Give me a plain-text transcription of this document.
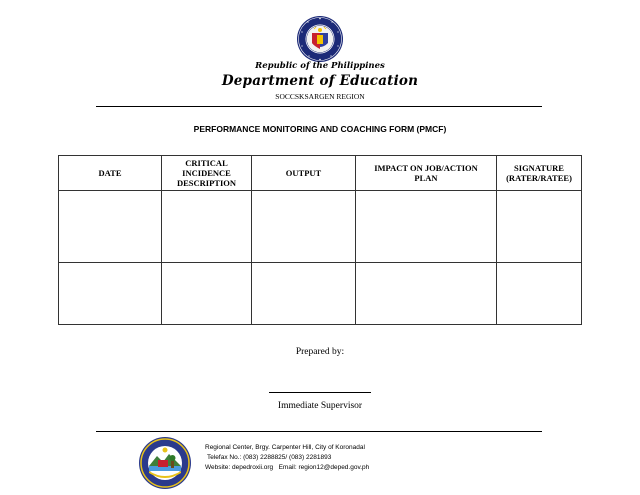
Republic of the Philippines
Department of Education
SOCCSKSARGEN REGION
PERFORMANCE MONITORING AND COACHING FORM (PMCF)
DATE	CRITICAL INCIDENCE DESCRIPTION	OUTPUT	IMPACT ON JOB/ACTION PLAN	SIGNATURE (RATER/RATEE)

Prepared by:
Immediate Supervisor
Regional Center, Brgy. Carpenter Hill, City of Koronadal
Telefax No.: (083) 2288825/ (083) 2281893
Website: depedroxii.org   Email: region12@deped.gov.ph
